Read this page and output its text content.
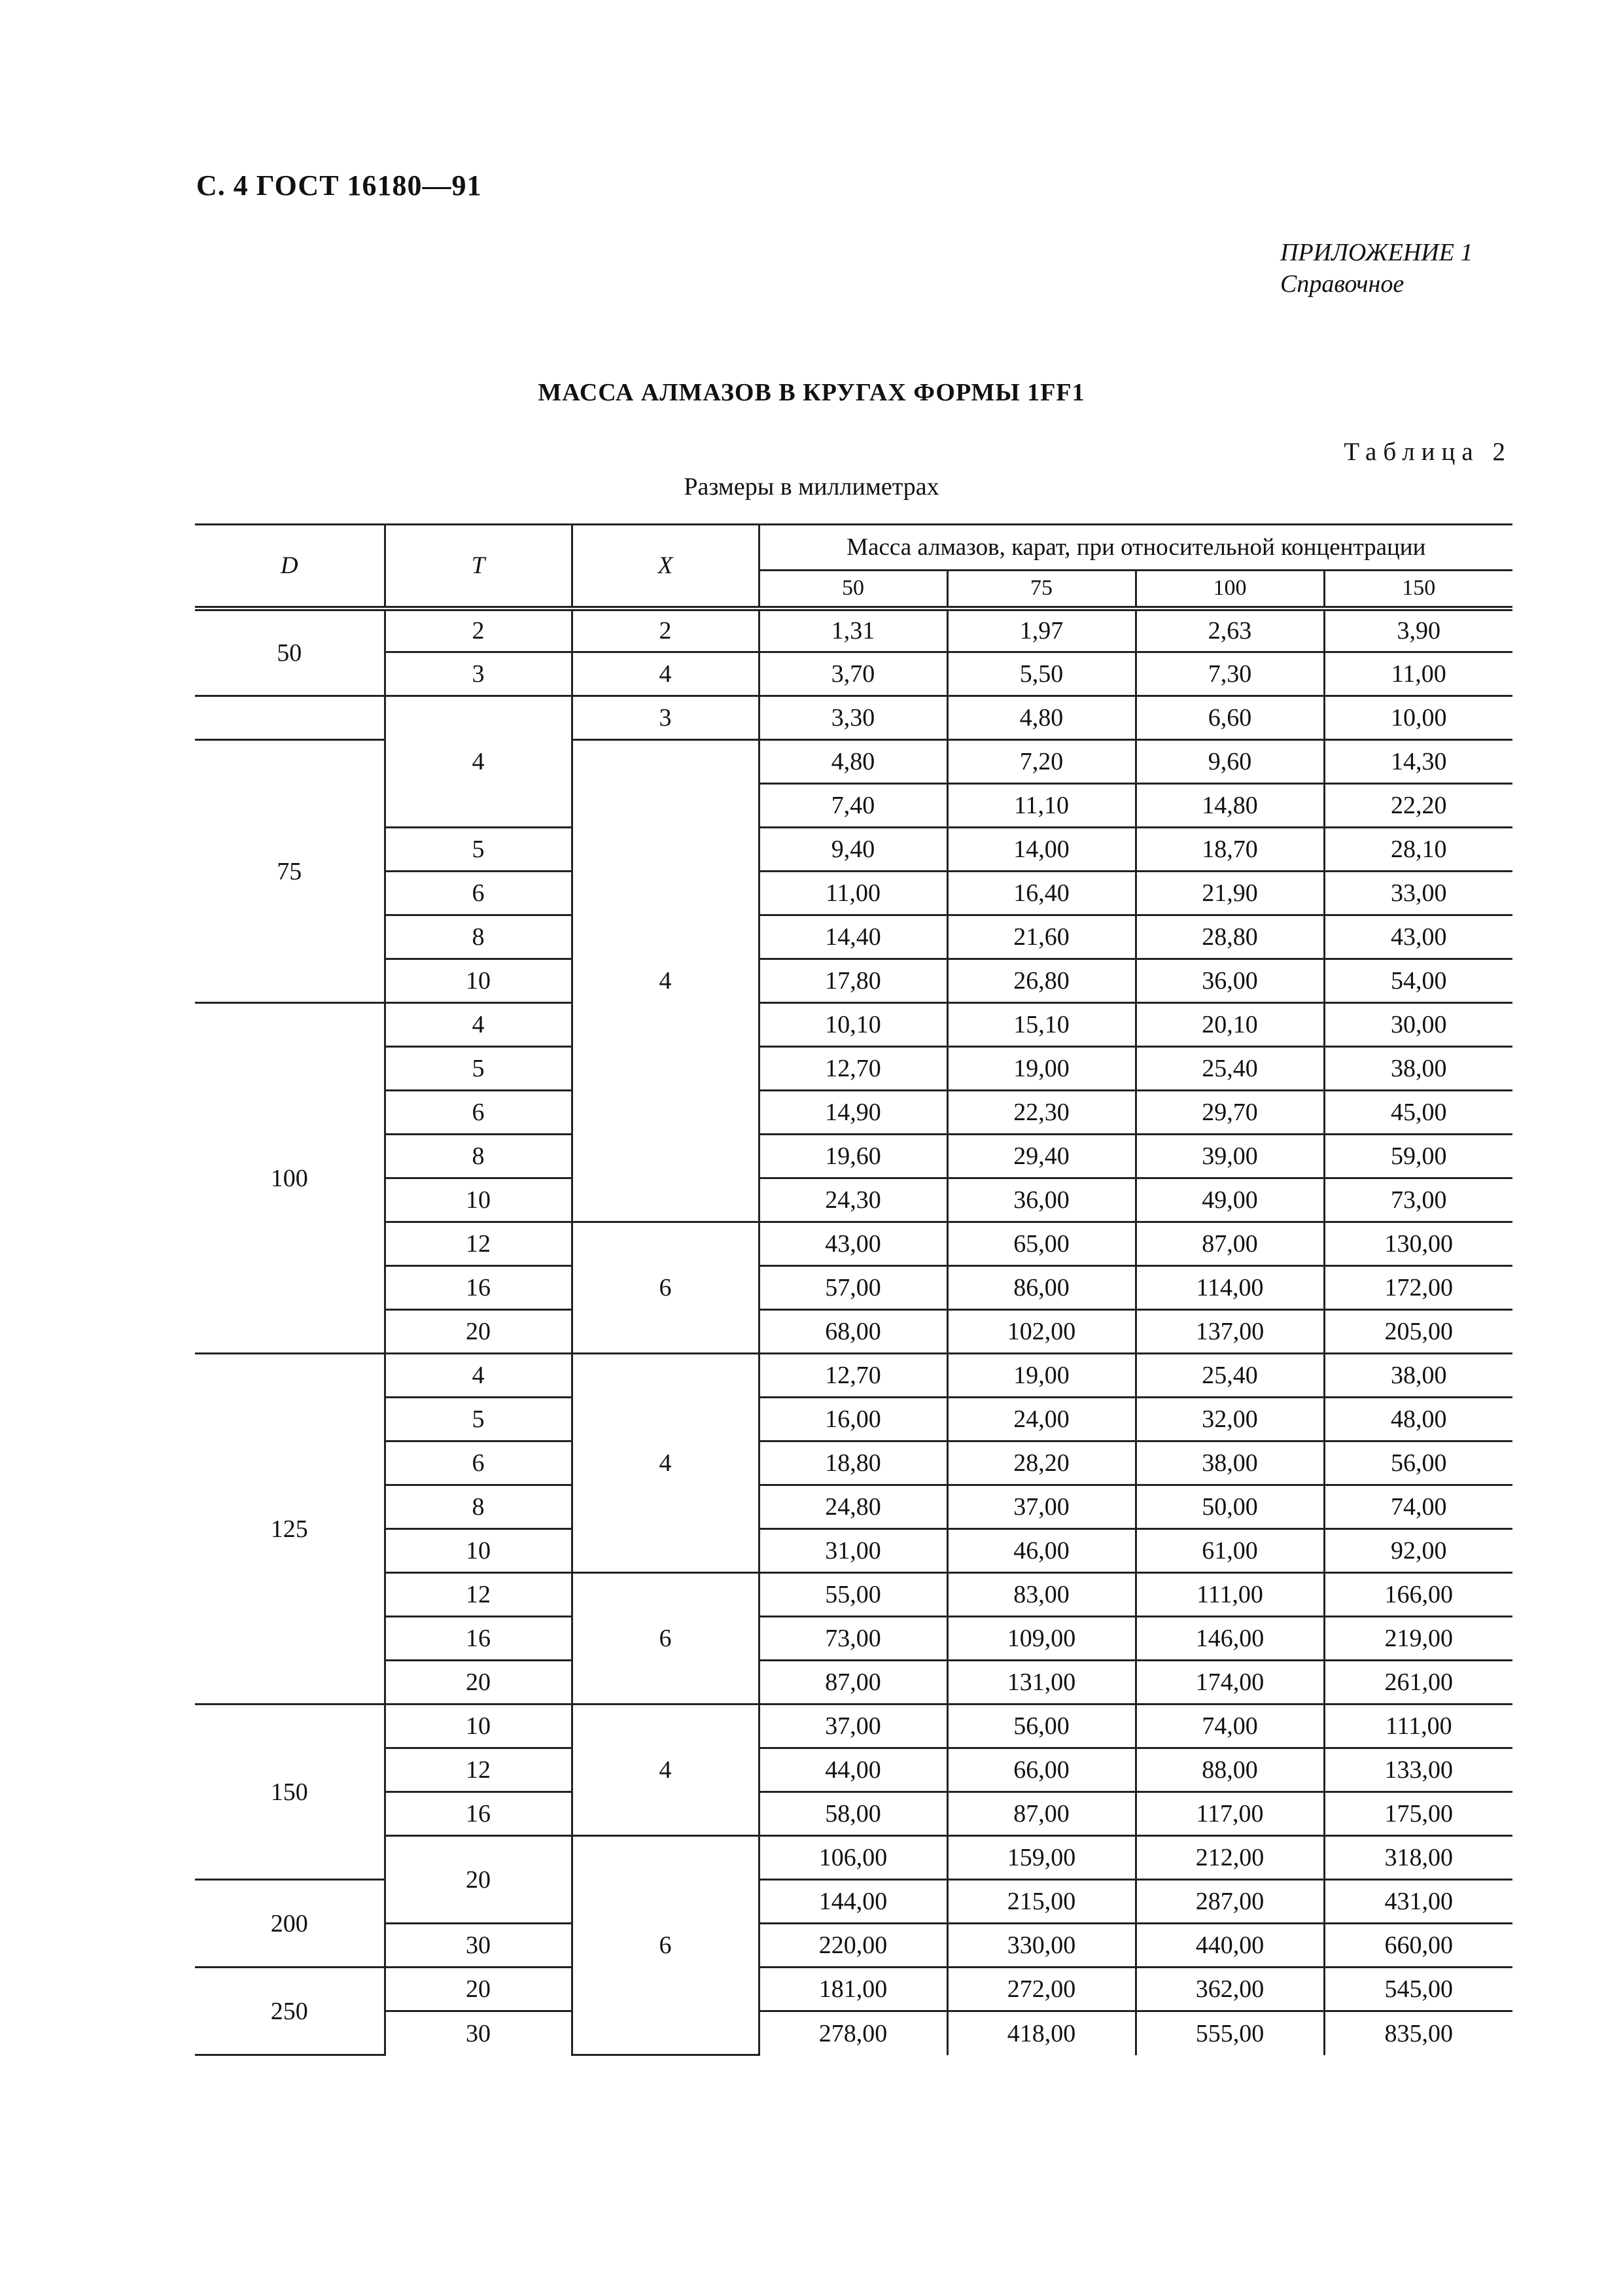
С. 4 ГОСТ 16180—91
ПРИЛОЖЕНИЕ 1
Справочное
МАССА АЛМАЗОВ В КРУГАХ ФОРМЫ 1FF1
Таблица 2
Размеры в миллиметрах
D	T	X	Масса алмазов, карат, при относительной концентрации			
			50	75	100	150
50	2	2	1,31	1,97	2,63	3,90
	3	4	3,70	5,50	7,30	11,00
	4	3	3,30	4,80	6,60	10,00
75		4	4,80	7,20	9,60	14,30
			7,40	11,10	14,80	22,20
	5		9,40	14,00	18,70	28,10
	6		11,00	16,40	21,90	33,00
	8		14,40	21,60	28,80	43,00
	10		17,80	26,80	36,00	54,00
100	4		10,10	15,10	20,10	30,00
	5		12,70	19,00	25,40	38,00
	6		14,90	22,30	29,70	45,00
	8		19,60	29,40	39,00	59,00
	10		24,30	36,00	49,00	73,00
	12	6	43,00	65,00	87,00	130,00
	16		57,00	86,00	114,00	172,00
	20		68,00	102,00	137,00	205,00
125	4	4	12,70	19,00	25,40	38,00
	5		16,00	24,00	32,00	48,00
	6		18,80	28,20	38,00	56,00
	8		24,80	37,00	50,00	74,00
	10		31,00	46,00	61,00	92,00
	12	6	55,00	83,00	111,00	166,00
	16		73,00	109,00	146,00	219,00
	20		87,00	131,00	174,00	261,00
150	10	4	37,00	56,00	74,00	111,00
	12		44,00	66,00	88,00	133,00
	16		58,00	87,00	117,00	175,00
	20	6	106,00	159,00	212,00	318,00
200			144,00	215,00	287,00	431,00
	30		220,00	330,00	440,00	660,00
250	20		181,00	272,00	362,00	545,00
	30		278,00	418,00	555,00	835,00
